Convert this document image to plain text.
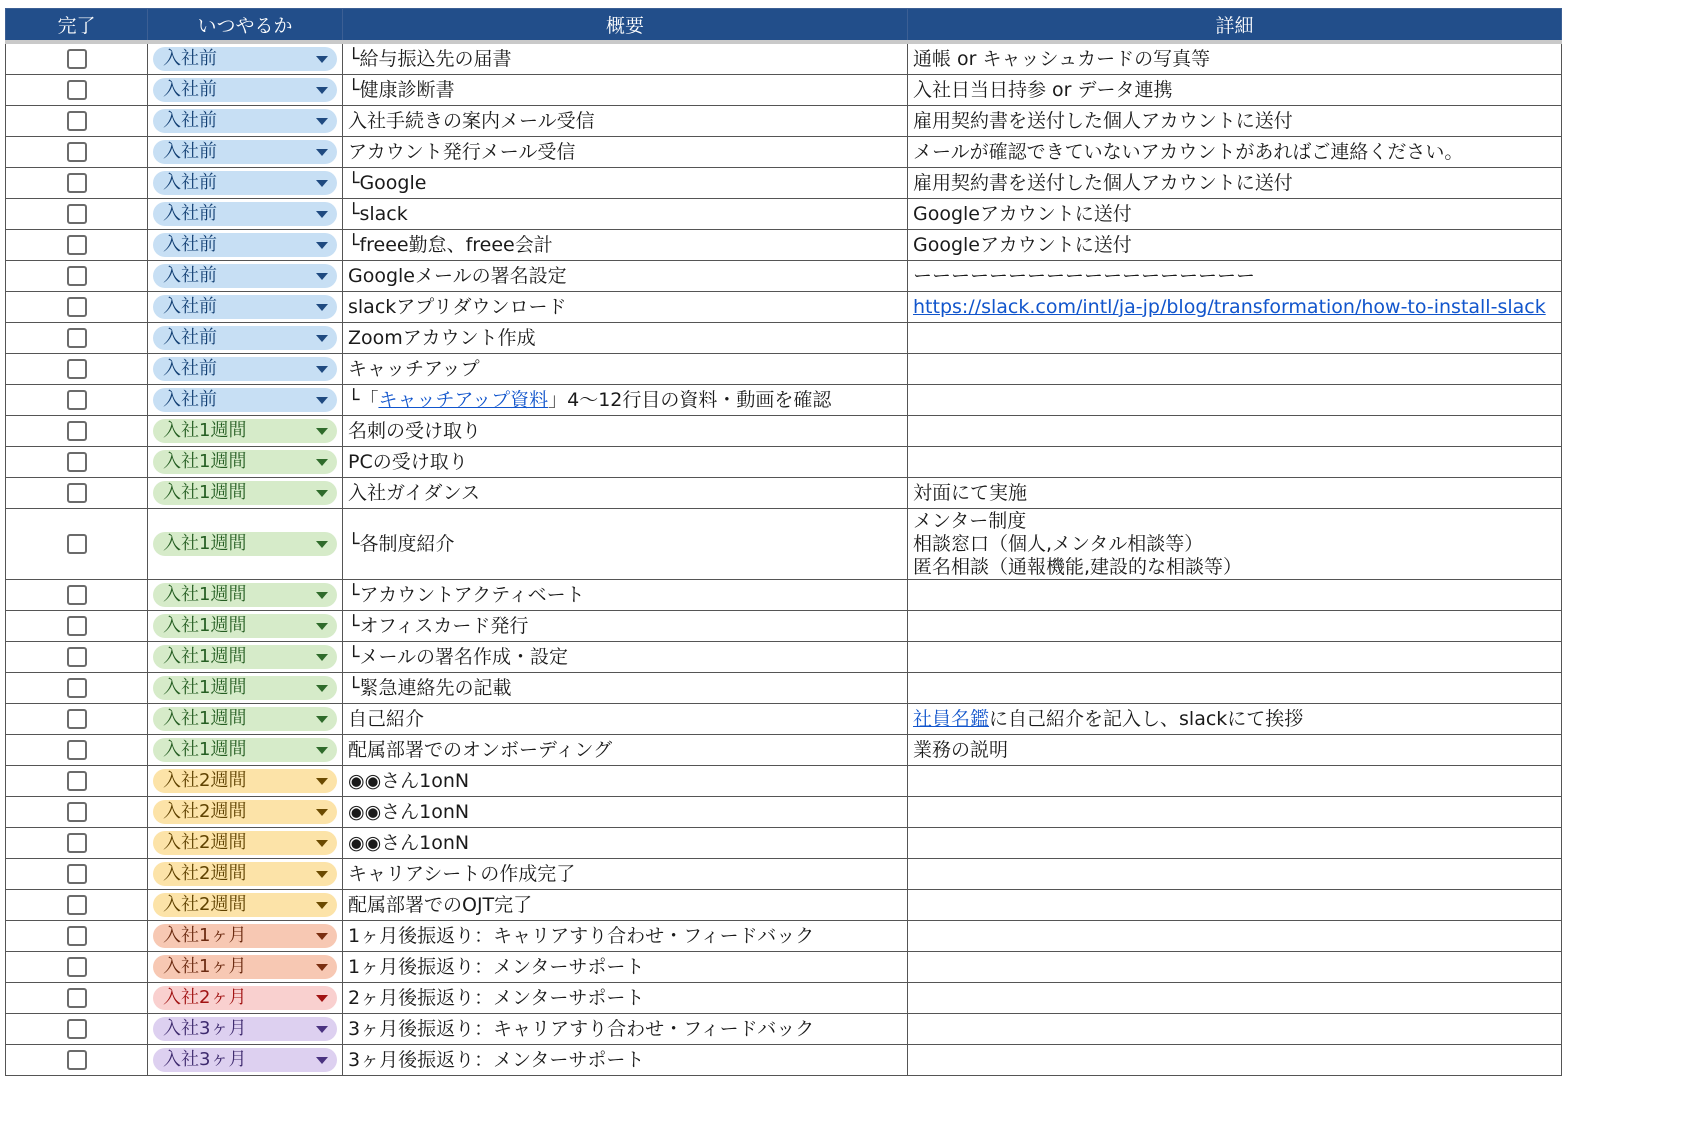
完了	いつやるか	概要	詳細

	入社前	└給与振込先の届書	通帳 or キャッシュカードの写真等

	入社前	└健康診断書	入社日当日持参 or データ連携

	入社前	入社手続きの案内メール受信	雇用契約書を送付した個人アカウントに送付

	入社前	アカウント発行メール受信	メールが確認できていないアカウントがあればご連絡ください。

	入社前	└Google	雇用契約書を送付した個人アカウントに送付

	入社前	└slack	Googleアカウントに送付

	入社前	└freee勤怠、freee会計	Googleアカウントに送付

	入社前	Googleメールの署名設定	ーーーーーーーーーーーーーーーーーー

	入社前	slackアプリダウンロード	https://slack.com/intl/ja-jp/blog/transformation/how-to-install-slack

	入社前	Zoomアカウント作成	

	入社前	キャッチアップ	

	入社前	└「キャッチアップ資料」4〜12行目の資料・動画を確認	

	入社1週間	名刺の受け取り	

	入社1週間	PCの受け取り	

	入社1週間	入社ガイダンス	対面にて実施

	入社1週間	└各制度紹介	メンター制度
相談窓口（個人,メンタル相談等）
匿名相談（通報機能,建設的な相談等）

	入社1週間	└アカウントアクティベート	

	入社1週間	└オフィスカード発行	

	入社1週間	└メールの署名作成・設定	

	入社1週間	└緊急連絡先の記載	

	入社1週間	自己紹介	社員名鑑に自己紹介を記入し、slackにて挨拶

	入社1週間	配属部署でのオンボーディング	業務の説明

	入社2週間	◉◉さん1onN	

	入社2週間	◉◉さん1onN	

	入社2週間	◉◉さん1onN	

	入社2週間	キャリアシートの作成完了	

	入社2週間	配属部署でのOJT完了	

	入社1ヶ月	1ヶ月後振返り：キャリアすり合わせ・フィードバック	

	入社1ヶ月	1ヶ月後振返り：メンターサポート	

	入社2ヶ月	2ヶ月後振返り：メンターサポート	

	入社3ヶ月	3ヶ月後振返り：キャリアすり合わせ・フィードバック	

	入社3ヶ月	3ヶ月後振返り：メンターサポート	
